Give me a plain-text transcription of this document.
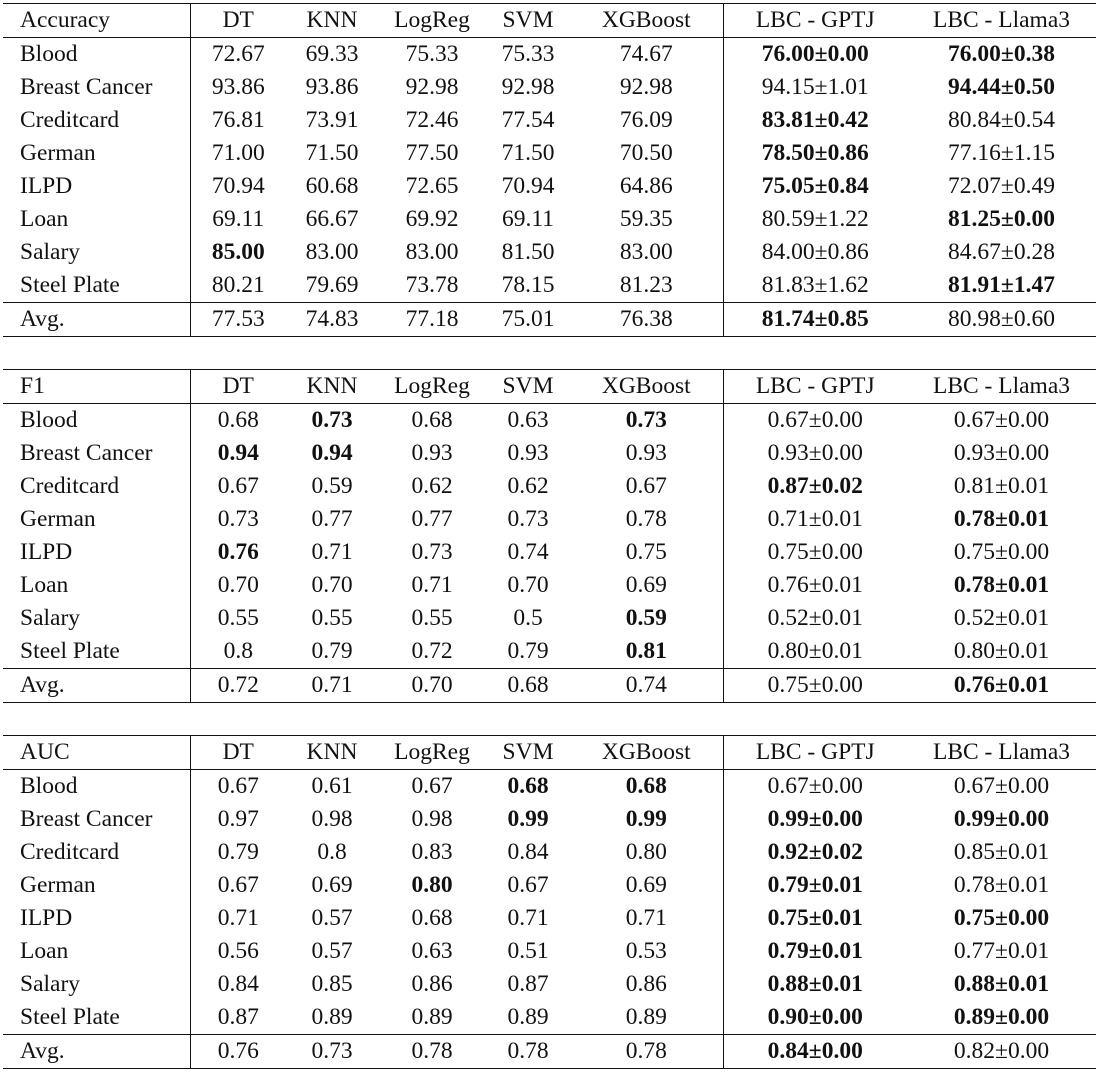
Accuracy	DT	KNN	LogReg	SVM	XGBoost	LBC - GPTJ	LBC - Llama3
Blood	72.67	69.33	75.33	75.33	74.67	76.00±0.00	76.00±0.38
Breast Cancer	93.86	93.86	92.98	92.98	92.98	94.15±1.01	94.44±0.50
Creditcard	76.81	73.91	72.46	77.54	76.09	83.81±0.42	80.84±0.54
German	71.00	71.50	77.50	71.50	70.50	78.50±0.86	77.16±1.15
ILPD	70.94	60.68	72.65	70.94	64.86	75.05±0.84	72.07±0.49
Loan	69.11	66.67	69.92	69.11	59.35	80.59±1.22	81.25±0.00
Salary	85.00	83.00	83.00	81.50	83.00	84.00±0.86	84.67±0.28
Steel Plate	80.21	79.69	73.78	78.15	81.23	81.83±1.62	81.91±1.47
Avg.	77.53	74.83	77.18	75.01	76.38	81.74±0.85	80.98±0.60
F1	DT	KNN	LogReg	SVM	XGBoost	LBC - GPTJ	LBC - Llama3
Blood	0.68	0.73	0.68	0.63	0.73	0.67±0.00	0.67±0.00
Breast Cancer	0.94	0.94	0.93	0.93	0.93	0.93±0.00	0.93±0.00
Creditcard	0.67	0.59	0.62	0.62	0.67	0.87±0.02	0.81±0.01
German	0.73	0.77	0.77	0.73	0.78	0.71±0.01	0.78±0.01
ILPD	0.76	0.71	0.73	0.74	0.75	0.75±0.00	0.75±0.00
Loan	0.70	0.70	0.71	0.70	0.69	0.76±0.01	0.78±0.01
Salary	0.55	0.55	0.55	0.5	0.59	0.52±0.01	0.52±0.01
Steel Plate	0.8	0.79	0.72	0.79	0.81	0.80±0.01	0.80±0.01
Avg.	0.72	0.71	0.70	0.68	0.74	0.75±0.00	0.76±0.01
AUC	DT	KNN	LogReg	SVM	XGBoost	LBC - GPTJ	LBC - Llama3
Blood	0.67	0.61	0.67	0.68	0.68	0.67±0.00	0.67±0.00
Breast Cancer	0.97	0.98	0.98	0.99	0.99	0.99±0.00	0.99±0.00
Creditcard	0.79	0.8	0.83	0.84	0.80	0.92±0.02	0.85±0.01
German	0.67	0.69	0.80	0.67	0.69	0.79±0.01	0.78±0.01
ILPD	0.71	0.57	0.68	0.71	0.71	0.75±0.01	0.75±0.00
Loan	0.56	0.57	0.63	0.51	0.53	0.79±0.01	0.77±0.01
Salary	0.84	0.85	0.86	0.87	0.86	0.88±0.01	0.88±0.01
Steel Plate	0.87	0.89	0.89	0.89	0.89	0.90±0.00	0.89±0.00
Avg.	0.76	0.73	0.78	0.78	0.78	0.84±0.00	0.82±0.00
